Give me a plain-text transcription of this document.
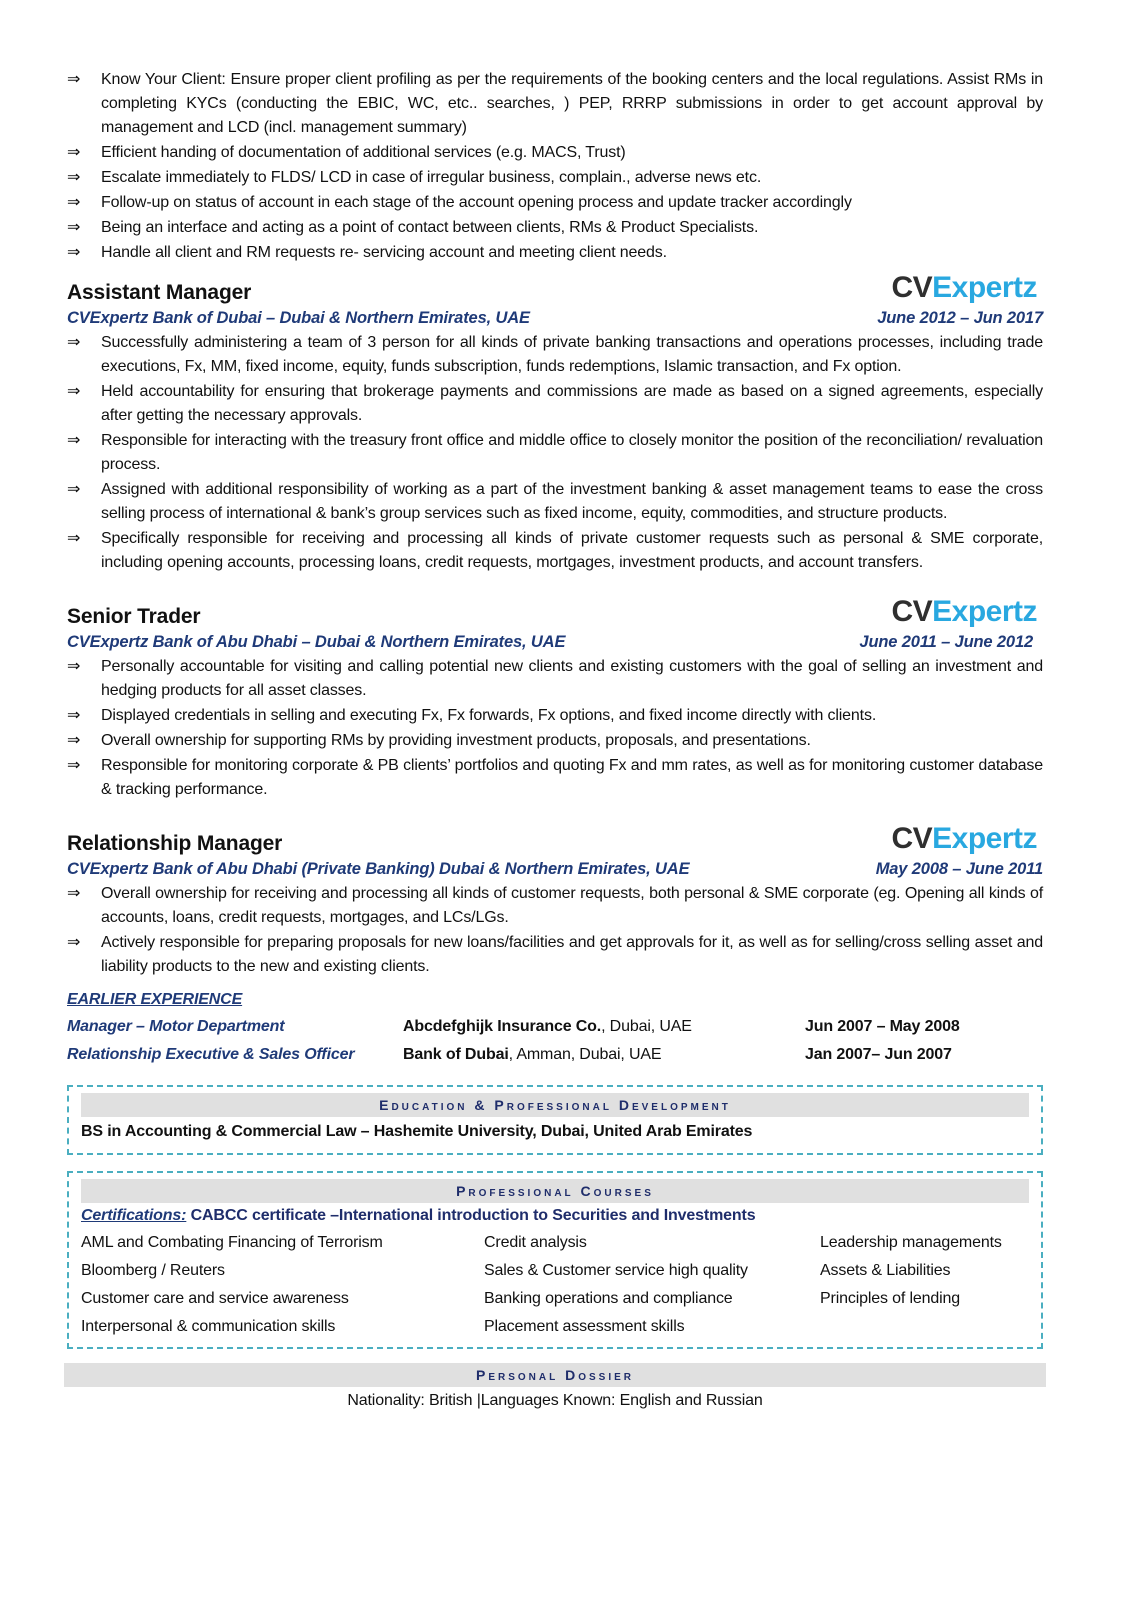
⇒ Know Your Client: Ensure proper client profiling as per the requirements of the booking centers and the local regulations. Assist RMs in completing KYCs (conducting the EBIC, WC, etc.. searches, ) PEP, RRRP submissions in order to get account approval by management and LCD (incl. management summary)
⇒ Efficient handing of documentation of additional services (e.g. MACS, Trust)
⇒ Escalate immediately to FLDS/ LCD in case of irregular business, complain., adverse news etc.
⇒ Follow-up on status of account in each stage of the account opening process and update tracker accordingly
⇒ Being an interface and acting as a point of contact between clients, RMs & Product Specialists.
⇒ Handle all client and RM requests re- servicing account and meeting client needs.
Assistant Manager	CVExpertz
CVExpertz Bank of Dubai – Dubai & Northern Emirates, UAE	June 2012 – Jun 2017
⇒ Successfully administering a team of 3 person for all kinds of private banking transactions and operations processes, including trade executions, Fx, MM, fixed income, equity, funds subscription, funds redemptions, Islamic transaction, and Fx option.
⇒ Held accountability for ensuring that brokerage payments and commissions are made as based on a signed agreements, especially after getting the necessary approvals.
⇒ Responsible for interacting with the treasury front office and middle office to closely monitor the position of the reconciliation/ revaluation process.
⇒ Assigned with additional responsibility of working as a part of the investment banking & asset management teams to ease the cross selling process of international & bank’s group services such as fixed income, equity, commodities, and structure products.
⇒ Specifically responsible for receiving and processing all kinds of private customer requests such as personal & SME corporate, including opening accounts, processing loans, credit requests, mortgages, investment products, and account transfers.
Senior Trader	CVExpertz
CVExpertz Bank of Abu Dhabi – Dubai & Northern Emirates, UAE	June 2011 – June 2012
⇒ Personally accountable for visiting and calling potential new clients and existing customers with the goal of selling an investment and hedging products for all asset classes.
⇒ Displayed credentials in selling and executing Fx, Fx forwards, Fx options, and fixed income directly with clients.
⇒ Overall ownership for supporting RMs by providing investment products, proposals, and presentations.
⇒ Responsible for monitoring corporate & PB clients’ portfolios and quoting Fx and mm rates, as well as for monitoring customer database & tracking performance.
Relationship Manager	CVExpertz
CVExpertz Bank of Abu Dhabi (Private Banking) Dubai & Northern Emirates, UAE	May 2008 – June 2011
⇒ Overall ownership for receiving and processing all kinds of customer requests, both personal & SME corporate (eg. Opening all kinds of accounts, loans, credit requests, mortgages, and LCs/LGs.
⇒ Actively responsible for preparing proposals for new loans/facilities and get approvals for it, as well as for selling/cross selling asset and liability products to the new and existing clients.
EARLIER EXPERIENCE
Manager – Motor Department	Abcdefghijk Insurance Co., Dubai, UAE	Jun 2007 – May 2008
Relationship Executive & Sales Officer	Bank of Dubai, Amman, Dubai, UAE	Jan 2007– Jun 2007
Education & Professional Development
BS in Accounting & Commercial Law – Hashemite University, Dubai, United Arab Emirates
Professional Courses
Certifications: CABCC certificate –International introduction to Securities and Investments
AML and Combating Financing of Terrorism	Credit analysis	Leadership managements
Bloomberg / Reuters	Sales & Customer service high quality	Assets & Liabilities
Customer care and service awareness	Banking operations and compliance	Principles of lending
Interpersonal & communication skills	Placement assessment skills
Personal Dossier
Nationality: British |Languages Known: English and Russian
